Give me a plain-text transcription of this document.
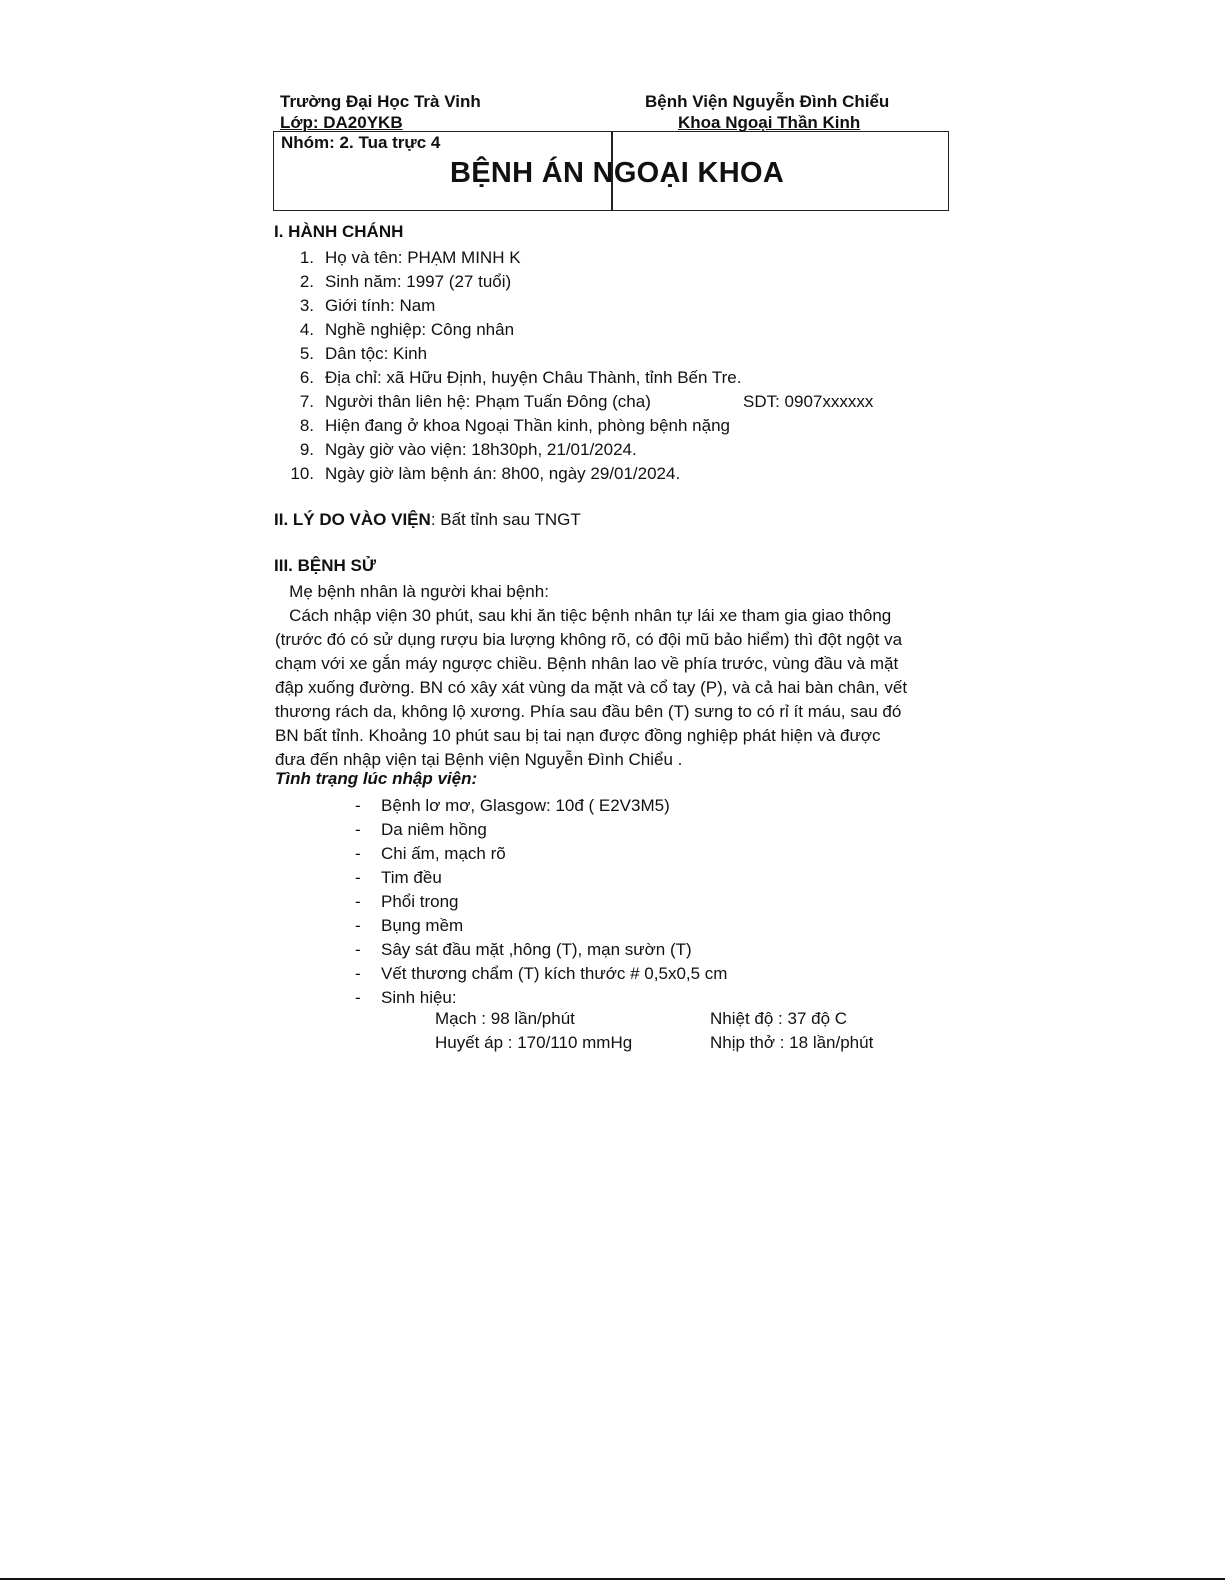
Trường Đại Học Trà Vinh
Lớp: DA20YKB
Bệnh Viện Nguyễn Đình Chiểu
Khoa Ngoại Thần Kinh
Nhóm: 2. Tua trực 4
BỆNH ÁN NGOẠI KHOA
I. HÀNH CHÁNH
1. Họ và tên: PHẠM MINH K
2. Sinh năm: 1997 (27 tuổi)
3. Giới tính: Nam
4. Nghề nghiệp: Công nhân
5. Dân tộc: Kinh
6. Địa chỉ: xã Hữu Định, huyện Châu Thành, tỉnh Bến Tre.
7. Người thân liên hệ: Phạm Tuấn Đông (cha)	SDT: 0907xxxxxx
8. Hiện đang ở khoa Ngoại Thần kinh, phòng bệnh nặng
9. Ngày giờ vào viện: 18h30ph, 21/01/2024.
10. Ngày giờ làm bệnh án: 8h00, ngày 29/01/2024.
II. LÝ DO VÀO VIỆN: Bất tỉnh sau TNGT
III. BỆNH SỬ
Mẹ bệnh nhân là người khai bệnh:
Cách nhập viện 30 phút, sau khi ăn tiệc bệnh nhân tự lái xe tham gia giao thông
(trước đó có sử dụng rượu bia lượng không rõ, có đội mũ bảo hiểm) thì đột ngột va
chạm với xe gắn máy ngược chiều. Bệnh nhân lao về phía trước, vùng đầu và mặt
đập xuống đường. BN có xây xát vùng da mặt và cổ tay (P), và cả hai bàn chân, vết
thương rách da, không lộ xương. Phía sau đầu bên (T) sưng to có rỉ ít máu, sau đó
BN bất tỉnh. Khoảng 10 phút sau bị tai nạn được đồng nghiệp phát hiện và được
đưa đến nhập viện tại Bệnh viện Nguyễn Đình Chiểu .
Tình trạng lúc nhập viện:
- Bệnh lơ mơ, Glasgow: 10đ ( E2V3M5)
- Da niêm hồng
- Chi ấm, mạch rõ
- Tim đều
- Phổi trong
- Bụng mềm
- Sây sát đầu mặt ,hông (T), mạn sườn (T)
- Vết thương chẩm (T) kích thước # 0,5x0,5 cm
- Sinh hiệu:
Mạch : 98 lần/phút	Nhiệt độ : 37 độ C
Huyết áp : 170/110 mmHg	Nhịp thở : 18 lần/phút
